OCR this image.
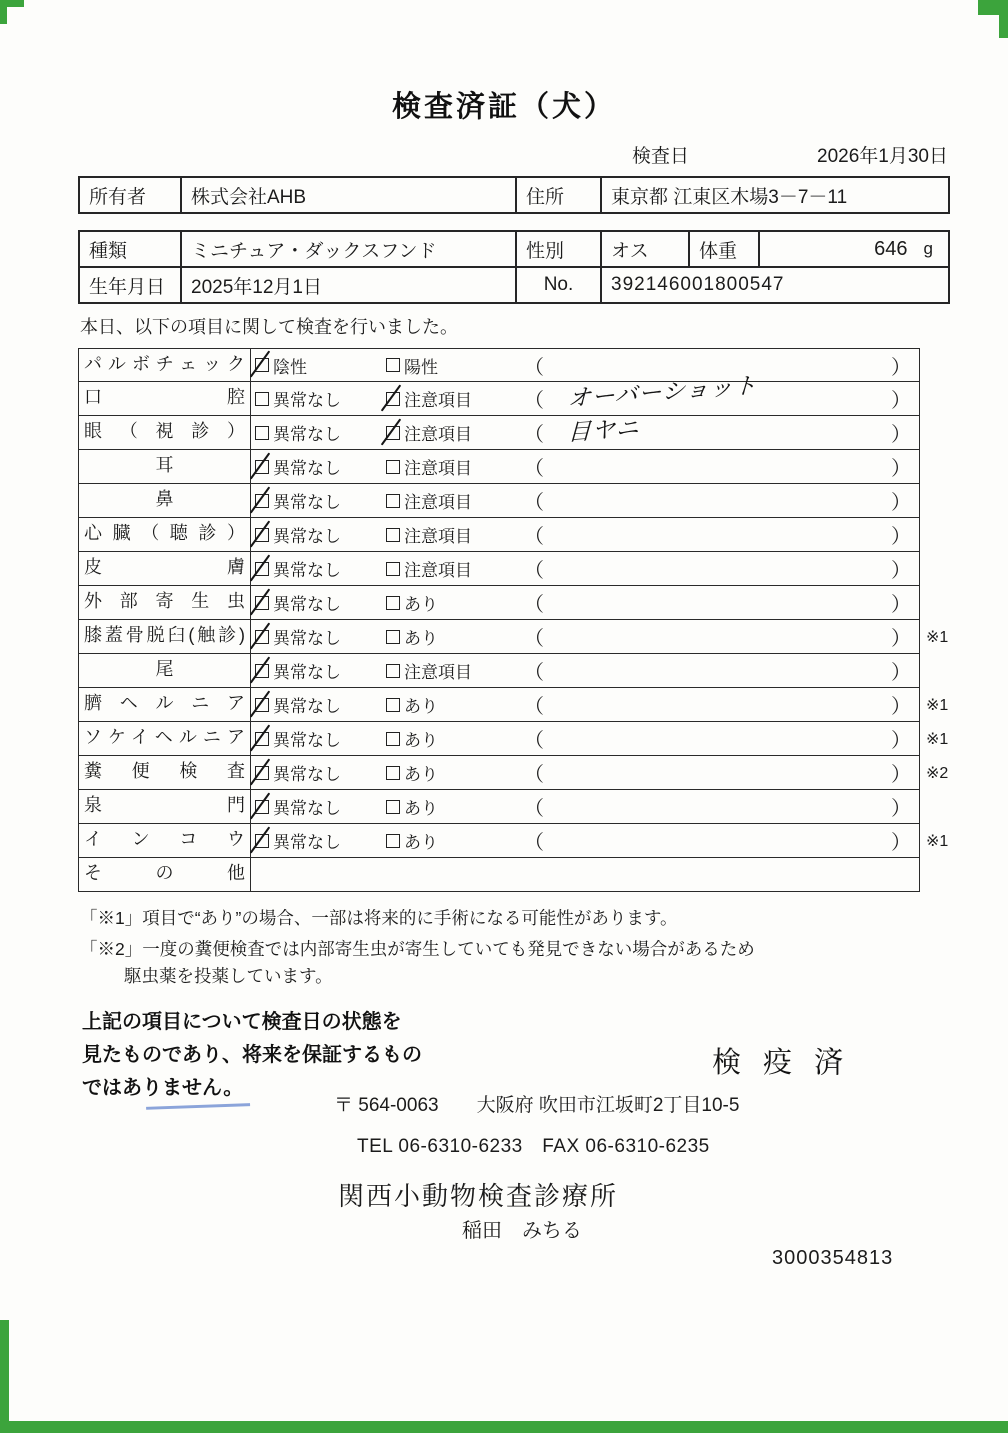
検査済証（犬）
検査日	2026年1月30日
所有者	株式会社AHB	住所	東京都 江東区木場3－7－11
種類	ミニチュア・ダックスフンド	性別	オス	体重	646 g

生年月日	2025年12月1日	No.	392146001800547		
本日、以下の項目に関して検査を行いました。
パルボチェック	陰性	陽性	（	）
口 腔	異常なし	注意項目	（	オーバーショット	）
眼 （ 視 診 ）	異常なし	注意項目	（	目ヤニ	）
耳	異常なし	注意項目	（	）
鼻	異常なし	注意項目	（	）
心 臓 （ 聴 診 ）	異常なし	注意項目	（	）
皮 膚	異常なし	注意項目	（	）
外 部 寄 生 虫	異常なし	あり	（	）
膝蓋骨脱臼(触診)	異常なし	あり	（	） ※1
尾	異常なし	注意項目	（	）
臍 ヘ ル ニ ア	異常なし	あり	（	） ※1
ソケイヘルニア	異常なし	あり	（	） ※1
糞 便 検 査	異常なし	あり	（	） ※2
泉 門	異常なし	あり	（	）
イ ン コ ウ	異常なし	あり	（	） ※1
そ の 他
「※1」項目で“あり”の場合、一部は将来的に手術になる可能性があります。
「※2」一度の糞便検査では内部寄生虫が寄生していても発見できない場合があるため
駆虫薬を投薬しています。
上記の項目について検査日の状態を
見たものであり、将来を保証するもの
ではありません。
検 疫 済
〒 564-0063　　大阪府 吹田市江坂町2丁目10-5
TEL 06-6310-6233　FAX 06-6310-6235
関西小動物検査診療所
稲田　みちる
3000354813
